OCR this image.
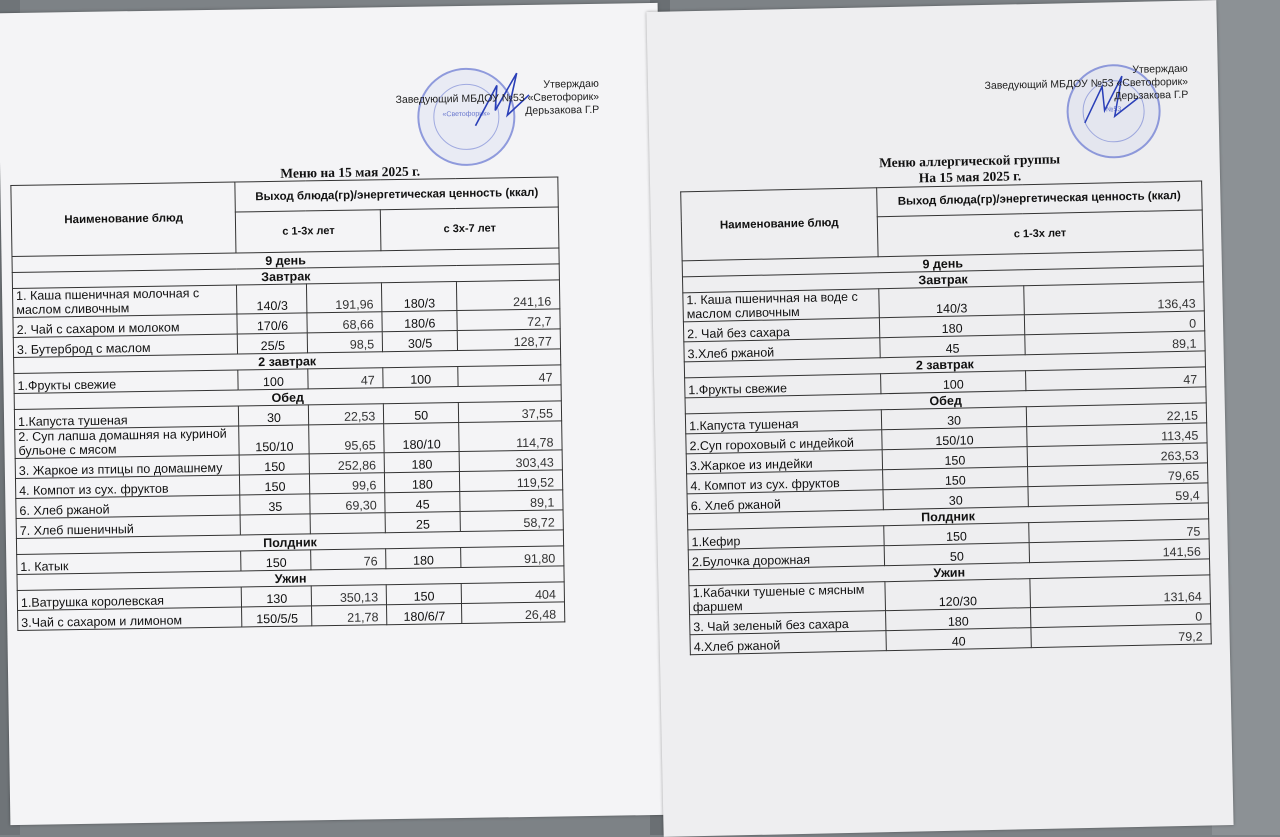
«Светофорик»
Утверждаю
Заведующий МБДОУ №53 «Светофорик»
Дерьзакова Г.Р
Меню на 15 мая 2025 г.
Наименование блюд	Выход блюда(гр)/энергетическая ценность (ккал)			
	с 1-3х лет		с 3х-7 лет	
9 день				
Завтрак				
1. Каша пшеничная молочная с маслом сливочным	140/3	191,96	180/3	241,16
2. Чай с сахаром и молоком	170/6	68,66	180/6	72,7
3. Бутерброд с маслом	25/5	98,5	30/5	128,77
2 завтрак				
1.Фрукты свежие	100	47	100	47
Обед				
1.Капуста тушеная	30	22,53	50	37,55
2. Суп лапша домашняя на куриной бульоне с мясом	150/10	95,65	180/10	114,78
3. Жаркое из птицы по домашнему	150	252,86	180	303,43
4. Компот из сух. фруктов	150	99,6	180	119,52
6. Хлеб ржаной	35	69,30	45	89,1
7. Хлеб пшеничный			25	58,72
Полдник				
1. Катык	150	76	180	91,80
Ужин				
1.Ватрушка королевская	130	350,13	150	404
3.Чай с сахаром и лимоном	150/5/5	21,78	180/6/7	26,48
№53
Утверждаю
Заведующий МБДОУ №53 «Светофорик»
Дерьзакова Г.Р
Меню аллергической группы
На 15 мая 2025 г.
Наименование блюд	Выход блюда(гр)/энергетическая ценность (ккал)	
	с 1-3х лет	
9 день		
Завтрак		
1. Каша пшеничная на воде с маслом сливочным	140/3	136,43
2. Чай без сахара	180	0
3.Хлеб ржаной	45	89,1
2 завтрак		
1.Фрукты свежие	100	47
Обед		
1.Капуста тушеная	30	22,15
2.Суп гороховый с индейкой	150/10	113,45
3.Жаркое из индейки	150	263,53
4. Компот из сух. фруктов	150	79,65
6. Хлеб ржаной	30	59,4
Полдник		
1.Кефир	150	75
2.Булочка дорожная	50	141,56
Ужин		
1.Кабачки тушеные с мясным фаршем	120/30	131,64
3. Чай зеленый без сахара	180	0
4.Хлеб ржаной	40	79,2
